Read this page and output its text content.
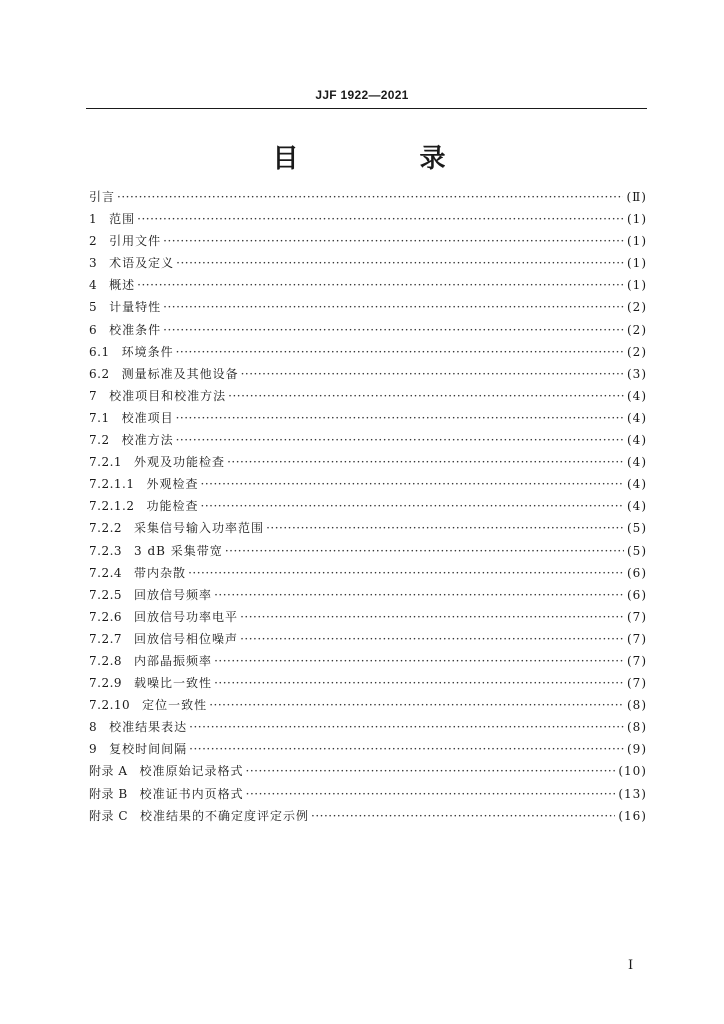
JJF 1922—2021
目 录
引言 ·····	(Ⅱ)
1	范围 ·····	(1)
2	引用文件 ·····	(1)
3	术语及定义 ·····	(1)
4	概述 ·····	(1)
5	计量特性 ·····	(2)
6	校准条件 ·····	(2)
6.1	环境条件 ·····	(2)
6.2	测量标准及其他设备 ·····	(3)
7	校准项目和校准方法 ·····	(4)
7.1	校准项目 ·····	(4)
7.2	校准方法 ·····	(4)
7.2.1	外观及功能检查 ·····	(4)
7.2.1.1	外观检查 ·····	(4)
7.2.1.2	功能检查 ·····	(4)
7.2.2	采集信号输入功率范围 ·····	(5)
7.2.3	3 dB 采集带宽 ·····	(5)
7.2.4	带内杂散 ·····	(6)
7.2.5	回放信号频率 ·····	(6)
7.2.6	回放信号功率电平 ·····	(7)
7.2.7	回放信号相位噪声 ·····	(7)
7.2.8	内部晶振频率 ·····	(7)
7.2.9	载噪比一致性 ·····	(7)
7.2.10	定位一致性 ·····	(8)
8	校准结果表达 ·····	(8)
9	复校时间间隔 ·····	(9)
附录 A	校准原始记录格式 ·····	(10)
附录 B	校准证书内页格式 ·····	(13)
附录 C	校准结果的不确定度评定示例 ·····	(16)
Ⅰ
